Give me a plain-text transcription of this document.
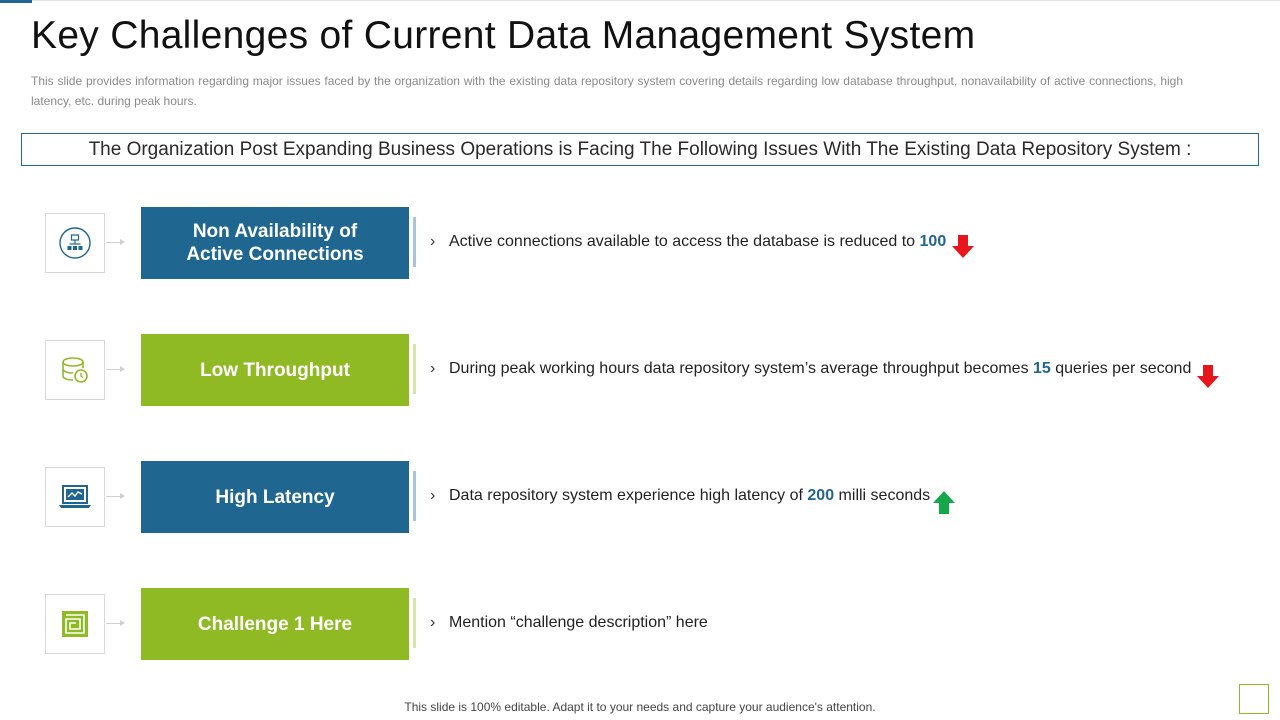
Key Challenges of Current Data Management System
This slide provides information regarding major issues faced by the organization with the existing data repository system covering details regarding low database throughput, nonavailability of active connections, high latency, etc. during peak hours.
The Organization Post Expanding Business Operations is Facing The Following Issues With The Existing Data Repository System :
Non Availability of
Active Connections
› Active connections available to access the database is reduced to 100
Low Throughput	› During peak working hours data repository system’s average throughput becomes 15 queries per second
High Latency	› Data repository system experience high latency of 200 milli seconds
Challenge 1 Here	› Mention “challenge description” here
This slide is 100% editable. Adapt it to your needs and capture your audience's attention.
